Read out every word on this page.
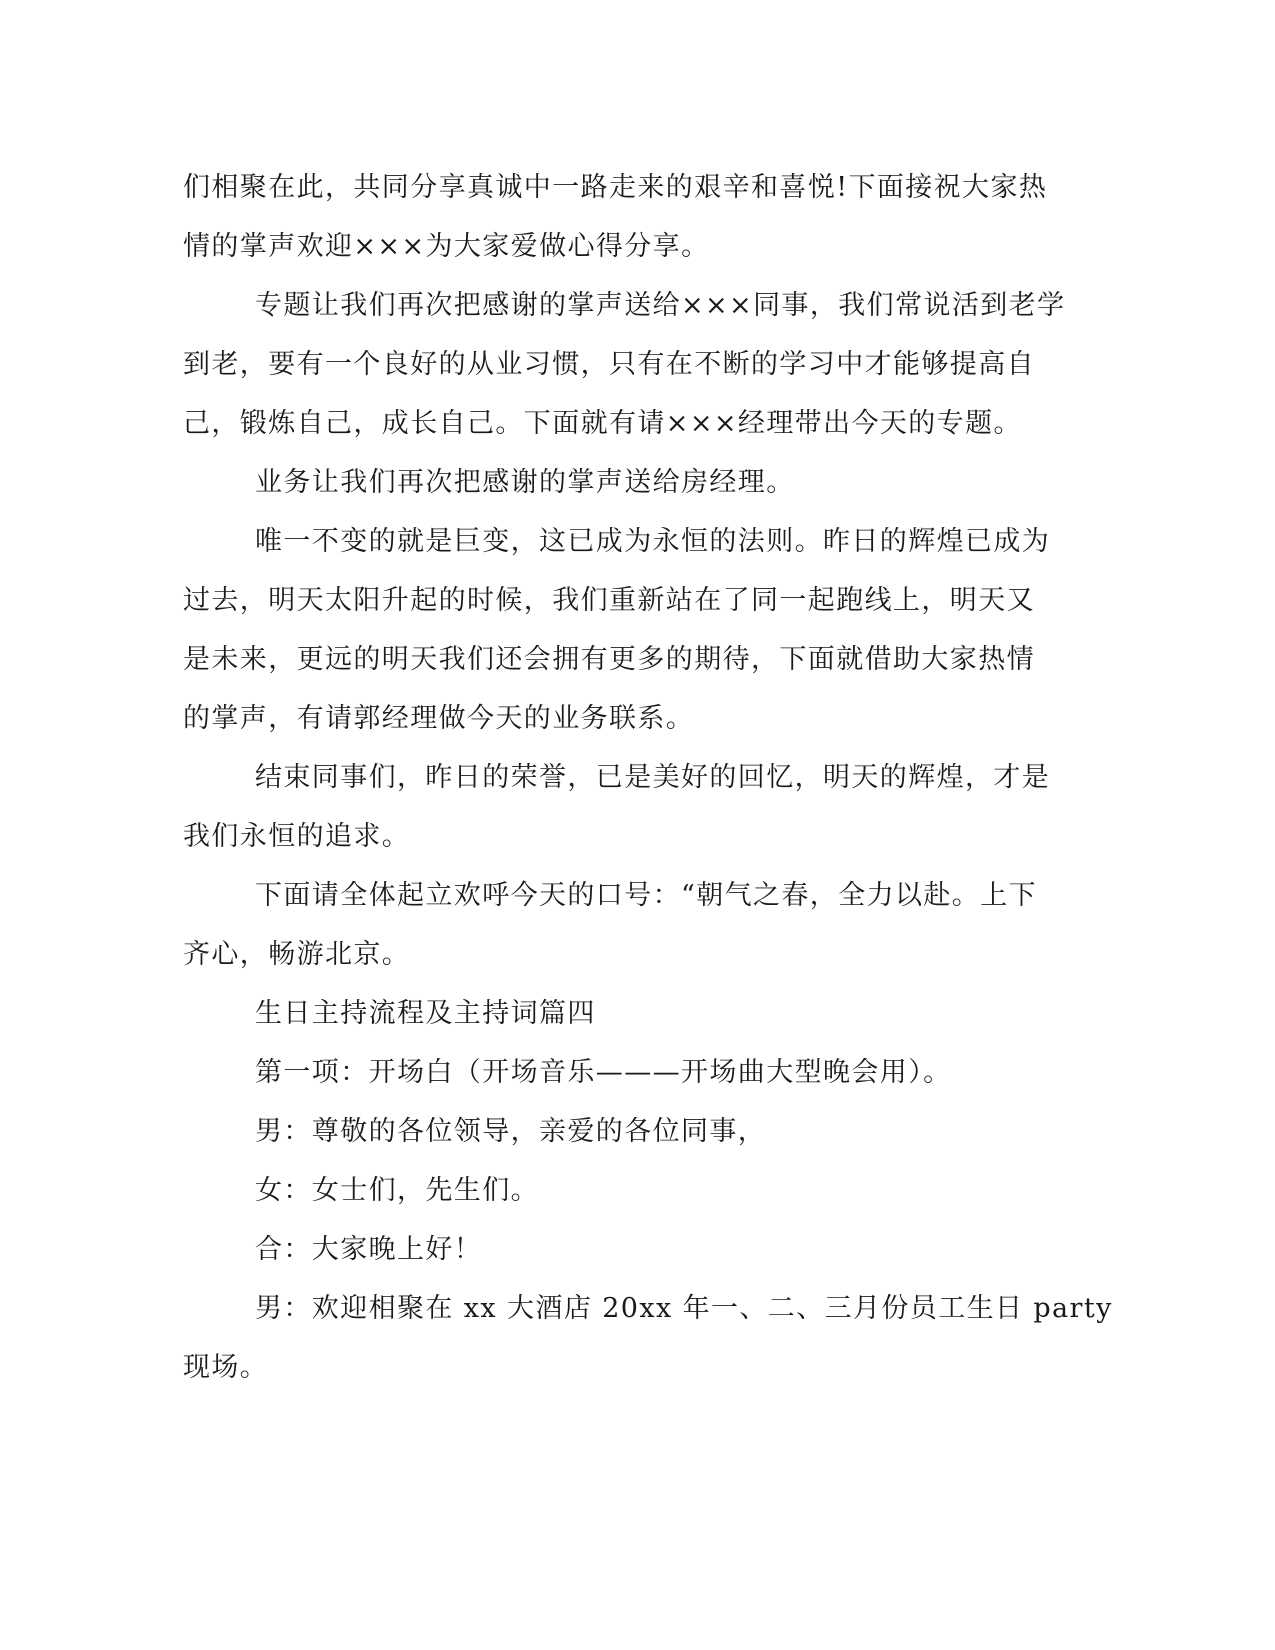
们相聚在此，共同分享真诚中一路走来的艰辛和喜悦!下面接祝大家热
情的掌声欢迎×××为大家爱做心得分享。

专题让我们再次把感谢的掌声送给×××同事，我们常说活到老学
到老，要有一个良好的从业习惯，只有在不断的学习中才能够提高自
己，锻炼自己，成长自己。下面就有请×××经理带出今天的专题。

业务让我们再次把感谢的掌声送给房经理。

唯一不变的就是巨变，这已成为永恒的法则。昨日的辉煌已成为
过去，明天太阳升起的时候，我们重新站在了同一起跑线上，明天又
是未来，更远的明天我们还会拥有更多的期待，下面就借助大家热情
的掌声，有请郭经理做今天的业务联系。

结束同事们，昨日的荣誉，已是美好的回忆，明天的辉煌，才是
我们永恒的追求。

下面请全体起立欢呼今天的口号：“朝气之春，全力以赴。上下
齐心，畅游北京。

生日主持流程及主持词篇四

第一项：开场白（开场音乐———开场曲大型晚会用）。

男：尊敬的各位领导，亲爱的各位同事，

女：女士们，先生们。

合：大家晚上好！

男：欢迎相聚在 xx 大酒店 20xx 年一、二、三月份员工生日 party
现场。
